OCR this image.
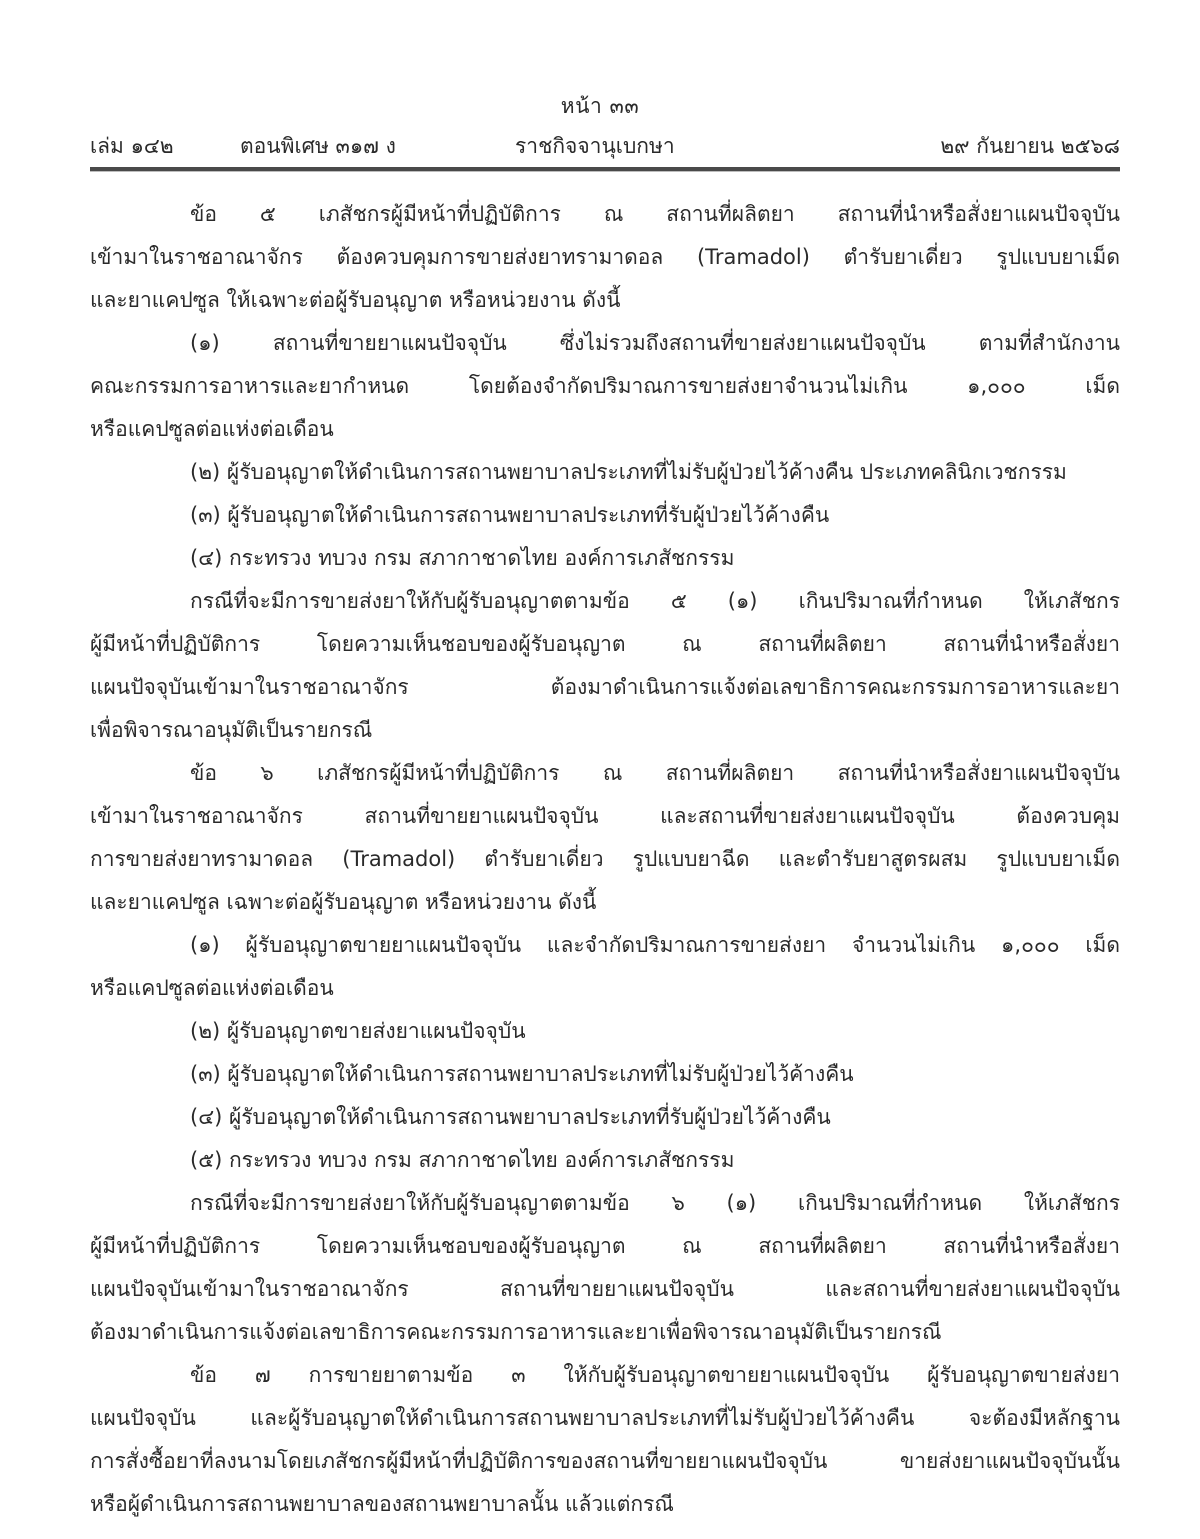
หน้า ๓๓
เล่ม ๑๔๒	ตอนพิเศษ ๓๑๗ ง	ราชกิจจานุเบกษา	๒๙ กันยายน ๒๕๖๘
ข้อ ๕ เภสัชกรผู้มีหน้าที่ปฏิบัติการ ณ สถานที่ผลิตยา สถานที่นำหรือสั่งยาแผนปัจจุบัน
เข้ามาในราชอาณาจักร ต้องควบคุมการขายส่งยาทรามาดอล (Tramadol) ตำรับยาเดี่ยว รูปแบบยาเม็ด
และยาแคปซูล ให้เฉพาะต่อผู้รับอนุญาต หรือหน่วยงาน ดังนี้
(๑) สถานที่ขายยาแผนปัจจุบัน ซึ่งไม่รวมถึงสถานที่ขายส่งยาแผนปัจจุบัน ตามที่สำนักงาน
คณะกรรมการอาหารและยากำหนด โดยต้องจำกัดปริมาณการขายส่งยาจำนวนไม่เกิน ๑,๐๐๐ เม็ด
หรือแคปซูลต่อแห่งต่อเดือน
(๒) ผู้รับอนุญาตให้ดำเนินการสถานพยาบาลประเภทที่ไม่รับผู้ป่วยไว้ค้างคืน ประเภทคลินิกเวชกรรม
(๓) ผู้รับอนุญาตให้ดำเนินการสถานพยาบาลประเภทที่รับผู้ป่วยไว้ค้างคืน
(๔) กระทรวง ทบวง กรม สภากาชาดไทย องค์การเภสัชกรรม
กรณีที่จะมีการขายส่งยาให้กับผู้รับอนุญาตตามข้อ ๕ (๑) เกินปริมาณที่กำหนด ให้เภสัชกร
ผู้มีหน้าที่ปฏิบัติการ โดยความเห็นชอบของผู้รับอนุญาต ณ สถานที่ผลิตยา สถานที่นำหรือสั่งยา
แผนปัจจุบันเข้ามาในราชอาณาจักร ต้องมาดำเนินการแจ้งต่อเลขาธิการคณะกรรมการอาหารและยา
เพื่อพิจารณาอนุมัติเป็นรายกรณี
ข้อ ๖ เภสัชกรผู้มีหน้าที่ปฏิบัติการ ณ สถานที่ผลิตยา สถานที่นำหรือสั่งยาแผนปัจจุบัน
เข้ามาในราชอาณาจักร สถานที่ขายยาแผนปัจจุบัน และสถานที่ขายส่งยาแผนปัจจุบัน ต้องควบคุม
การขายส่งยาทรามาดอล (Tramadol) ตำรับยาเดี่ยว รูปแบบยาฉีด และตำรับยาสูตรผสม รูปแบบยาเม็ด
และยาแคปซูล เฉพาะต่อผู้รับอนุญาต หรือหน่วยงาน ดังนี้
(๑) ผู้รับอนุญาตขายยาแผนปัจจุบัน และจำกัดปริมาณการขายส่งยา จำนวนไม่เกิน ๑,๐๐๐ เม็ด
หรือแคปซูลต่อแห่งต่อเดือน
(๒) ผู้รับอนุญาตขายส่งยาแผนปัจจุบัน
(๓) ผู้รับอนุญาตให้ดำเนินการสถานพยาบาลประเภทที่ไม่รับผู้ป่วยไว้ค้างคืน
(๔) ผู้รับอนุญาตให้ดำเนินการสถานพยาบาลประเภทที่รับผู้ป่วยไว้ค้างคืน
(๕) กระทรวง ทบวง กรม สภากาชาดไทย องค์การเภสัชกรรม
กรณีที่จะมีการขายส่งยาให้กับผู้รับอนุญาตตามข้อ ๖ (๑) เกินปริมาณที่กำหนด ให้เภสัชกร
ผู้มีหน้าที่ปฏิบัติการ โดยความเห็นชอบของผู้รับอนุญาต ณ สถานที่ผลิตยา สถานที่นำหรือสั่งยา
แผนปัจจุบันเข้ามาในราชอาณาจักร สถานที่ขายยาแผนปัจจุบัน และสถานที่ขายส่งยาแผนปัจจุบัน
ต้องมาดำเนินการแจ้งต่อเลขาธิการคณะกรรมการอาหารและยาเพื่อพิจารณาอนุมัติเป็นรายกรณี
ข้อ ๗ การขายยาตามข้อ ๓ ให้กับผู้รับอนุญาตขายยาแผนปัจจุบัน ผู้รับอนุญาตขายส่งยา
แผนปัจจุบัน และผู้รับอนุญาตให้ดำเนินการสถานพยาบาลประเภทที่ไม่รับผู้ป่วยไว้ค้างคืน จะต้องมีหลักฐาน
การสั่งซื้อยาที่ลงนามโดยเภสัชกรผู้มีหน้าที่ปฏิบัติการของสถานที่ขายยาแผนปัจจุบัน ขายส่งยาแผนปัจจุบันนั้น
หรือผู้ดำเนินการสถานพยาบาลของสถานพยาบาลนั้น แล้วแต่กรณี
